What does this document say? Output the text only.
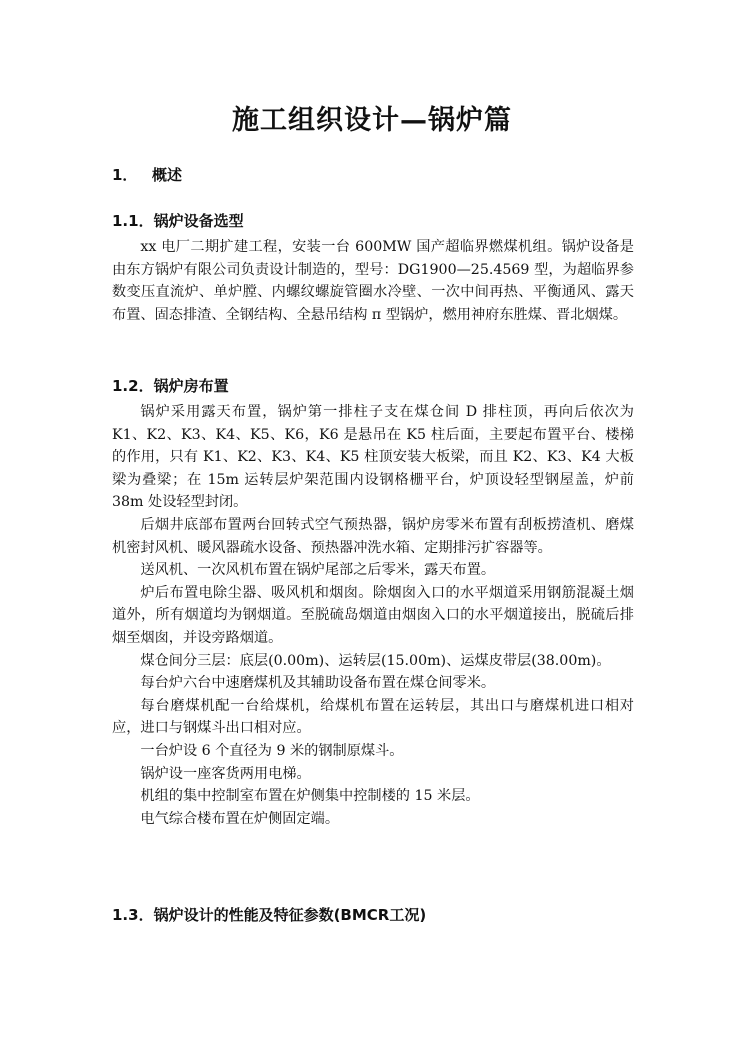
施工组织设计—锅炉篇
1． 概述
1.1．锅炉设备选型

xx 电厂二期扩建工程，安装一台 600MW 国产超临界燃煤机组。锅炉设备是由东方锅炉有限公司负责设计制造的，型号：DG1900—25.4569 型，为超临界参数变压直流炉、单炉膛、内螺纹螺旋管圈水冷壁、一次中间再热、平衡通风、露天布置、固态排渣、全钢结构、全悬吊结构 п 型锅炉，燃用神府东胜煤、晋北烟煤。

1.2．锅炉房布置

锅炉采用露天布置，锅炉第一排柱子支在煤仓间 D 排柱顶，再向后依次为 K1、K2、K3、K4、K5、K6，K6 是悬吊在 K5 柱后面，主要起布置平台、楼梯的作用，只有 K1、K2、K3、K4、K5 柱顶安装大板梁，而且 K2、K3、K4 大板梁为叠梁；在 15m 运转层炉架范围内设钢格栅平台，炉顶设轻型钢屋盖，炉前 38m 处设轻型封闭。

后烟井底部布置两台回转式空气预热器，锅炉房零米布置有刮板捞渣机、磨煤机密封风机、暖风器疏水设备、预热器冲洗水箱、定期排污扩容器等。

送风机、一次风机布置在锅炉尾部之后零米，露天布置。

炉后布置电除尘器、吸风机和烟囱。除烟囱入口的水平烟道采用钢筋混凝土烟道外，所有烟道均为钢烟道。至脱硫岛烟道由烟囱入口的水平烟道接出，脱硫后排烟至烟囱，并设旁路烟道。

煤仓间分三层：底层(0.00m)、运转层(15.00m)、运煤皮带层(38.00m)。

每台炉六台中速磨煤机及其辅助设备布置在煤仓间零米。

每台磨煤机配一台给煤机，给煤机布置在运转层，其出口与磨煤机进口相对应，进口与钢煤斗出口相对应。

一台炉设 6 个直径为 9 米的钢制原煤斗。

锅炉设一座客货两用电梯。

机组的集中控制室布置在炉侧集中控制楼的 15 米层。

电气综合楼布置在炉侧固定端。

1.3．锅炉设计的性能及特征参数(BMCR工况)
